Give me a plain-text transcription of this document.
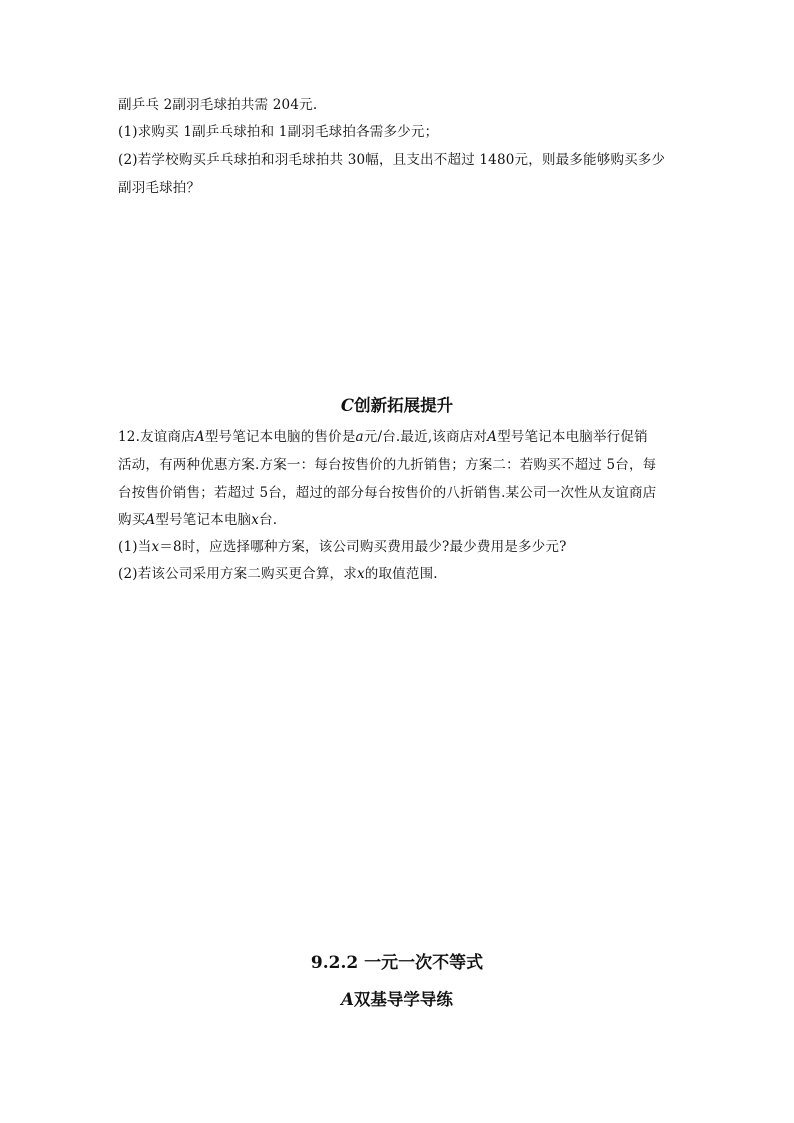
副乒乓 2副羽毛球拍共需 204元.
(1)求购买 1副乒乓球拍和 1副羽毛球拍各需多少元；
(2)若学校购买乒乓球拍和羽毛球拍共 30幅，且支出不超过 1480元，则最多能够购买多少
副羽毛球拍？
C创新拓展提升
12.友谊商店A型号笔记本电脑的售价是a元/台.最近,该商店对A型号笔记本电脑举行促销
活动，有两种优惠方案.方案一：每台按售价的九折销售；方案二：若购买不超过 5台，每
台按售价销售；若超过 5台，超过的部分每台按售价的八折销售.某公司一次性从友谊商店
购买A型号笔记本电脑x台.
(1)当x＝8时，应选择哪种方案，该公司购买费用最少?最少费用是多少元?
(2)若该公司采用方案二购买更合算，求x的取值范围.
9.2.2 一元一次不等式
A双基导学导练
